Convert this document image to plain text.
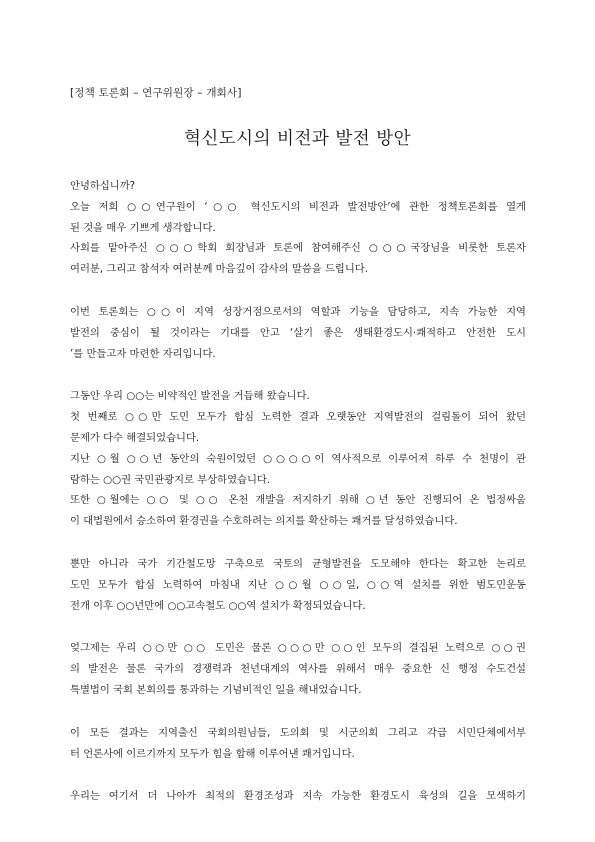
[정책 토론회 – 연구위원장 – 개회사]
혁신도시의 비전과 발전 방안
안녕하십니까?
오늘 저희 ○○연구원이 ‘○○ 혁신도시의 비전과 발전방안’에 관한 정책토론회를 열게
된 것을 매우 기쁘게 생각합니다.
사회를 맡아주신 ○○○학회 회장님과 토론에 참여해주신 ○○○국장님을 비롯한 토론자
여러분, 그리고 참석자 여러분께 마음깊이 감사의 말씀을 드립니다.
이번 토론회는 ○○이 지역 성장거점으로서의 역할과 기능을 담당하고, 지속 가능한 지역
발전의 중심이 될 것이라는 기대를 안고 ‘살기 좋은 생태환경도시·쾌적하고 안전한 도시
’를 만들고자 마련한 자리입니다.
그동안 우리 ○○는 비약적인 발전을 거듭해 왔습니다.
첫 번째로 ○○만 도민 모두가 합심 노력한 결과 오랫동안 지역발전의 걸림돌이 되어 왔던
문제가 다수 해결되었습니다.
지난 ○월 ○○년 동안의 숙원이었던 ○○○○이 역사적으로 이루어져 하루 수 천명이 관
람하는 ○○권 국민관광지로 부상하였습니다.
또한 ○월에는 ○○ 및 ○○ 온천 개발을 저지하기 위해 ○년 동안 진행되어 온 법정싸움
이 대법원에서 승소하여 환경권을 수호하려는 의지를 확산하는 쾌거를 달성하였습니다.
뿐만 아니라 국가 기간철도망 구축으로 국토의 균형발전을 도모해야 한다는 확고한 논리로
도민 모두가 합심 노력하여 마침내 지난 ○○월 ○○일, ○○역 설치를 위한 범도민운동
전개 이후 ○○년만에 ○○고속철도 ○○역 설치가 확정되었습니다.
엊그제는 우리 ○○만 ○○ 도민은 물론 ○○○만 ○○인 모두의 결집된 노력으로 ○○권
의 발전은 물론 국가의 경쟁력과 천년대계의 역사를 위해서 매우 중요한 신 행정 수도건설
특별법이 국회 본회의를 통과하는 기념비적인 일을 해내었습니다.
이 모든 결과는 지역출신 국회의원님들, 도의회 및 시군의회 그리고 각급 시민단체에서부
터 언론사에 이르기까지 모두가 힘을 합해 이루어낸 쾌거입니다.
우리는 여기서 더 나아가 최적의 환경조성과 지속 가능한 환경도시 육성의 길을 모색하기
